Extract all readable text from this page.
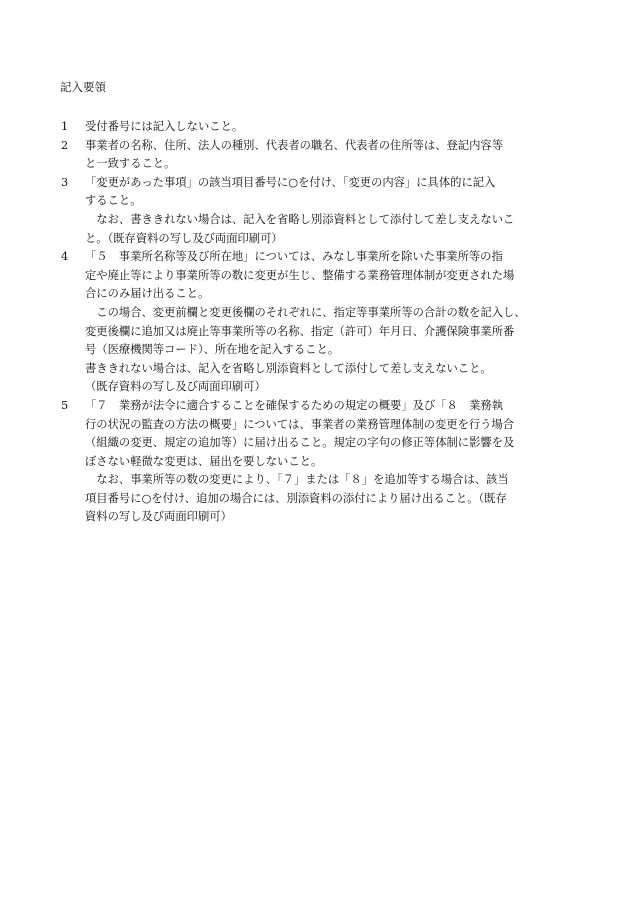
記入要領
1	受付番号には記入しないこと。
2	事業者の名称、住所、法人の種別、代表者の職名、代表者の住所等は、登記内容等
と一致すること。
3	「変更があった事項」の該当項目番号に○を付け、「変更の内容」に具体的に記入
すること。
　なお、書ききれない場合は、記入を省略し別添資料として添付して差し支えないこ
と。（既存資料の写し及び両面印刷可）
4	「５　事業所名称等及び所在地」については、みなし事業所を除いた事業所等の指
定や廃止等により事業所等の数に変更が生じ、整備する業務管理体制が変更された場
合にのみ届け出ること。
　この場合、変更前欄と変更後欄のそれぞれに、指定等事業所等の合計の数を記入し、
変更後欄に追加又は廃止等事業所等の名称、指定（許可）年月日、介護保険事業所番
号（医療機関等コード）、所在地を記入すること。
書ききれない場合は、記入を省略し別添資料として添付して差し支えないこと。
（既存資料の写し及び両面印刷可）
5	「７　業務が法令に適合することを確保するための規定の概要」及び「８　業務執
行の状況の監査の方法の概要」については、事業者の業務管理体制の変更を行う場合
（組織の変更、規定の追加等）に届け出ること。規定の字句の修正等体制に影響を及
ぼさない軽微な変更は、届出を要しないこと。
　なお、事業所等の数の変更により、「７」または「８」を追加等する場合は、該当
項目番号に○を付け、追加の場合には、別添資料の添付により届け出ること。（既存
資料の写し及び両面印刷可）
